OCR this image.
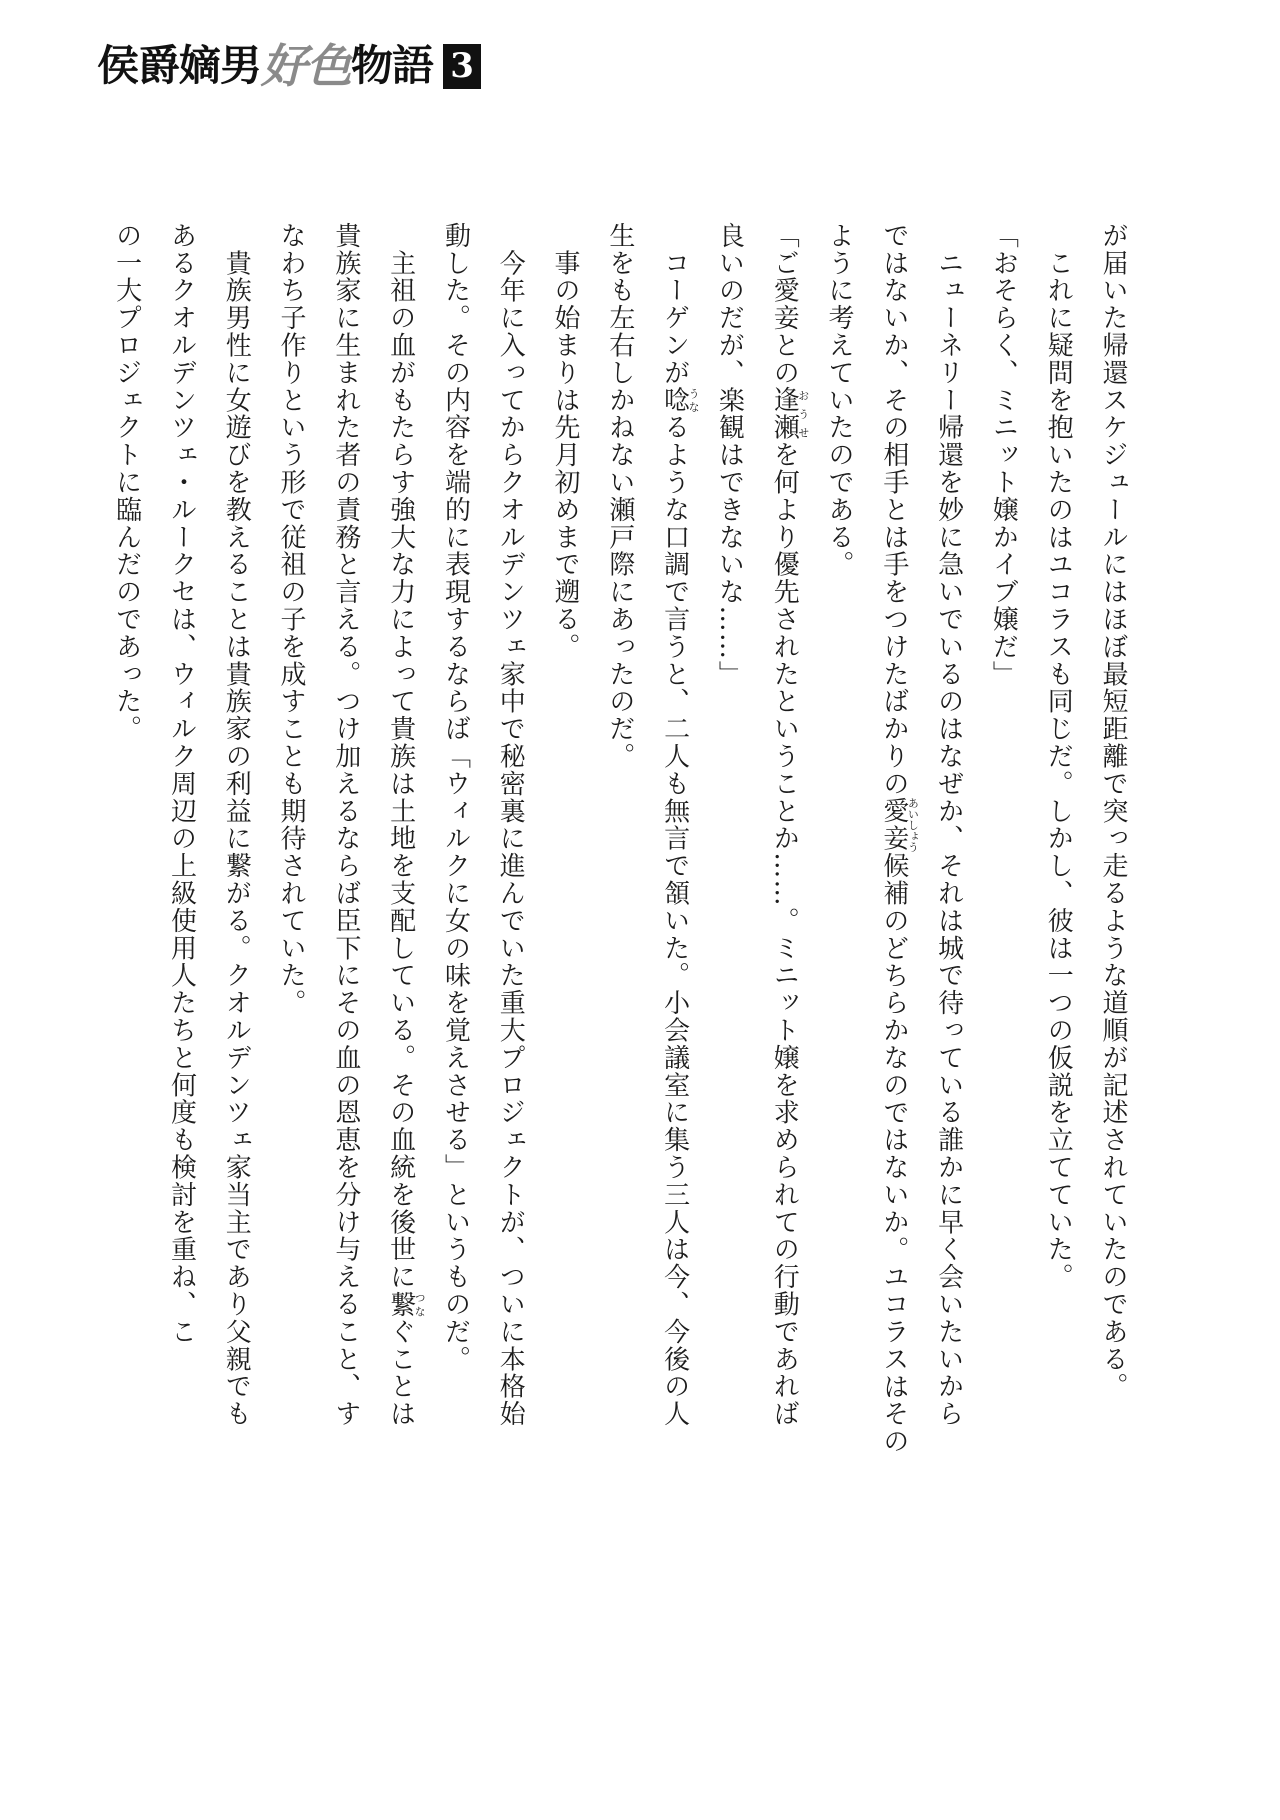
侯爵嫡男 好色 物語 3
が届いた帰還スケジュールにはほぼ最短距離で突っ走るような道順が記述されていたのである。
　これに疑問を抱いたのはユコラスも同じだ。しかし、彼は一つの仮説を立てていた。
「おそらく、ミニット嬢かイブ嬢だ」
　ニューネリー帰還を妙に急いでいるのはなぜか、それは城で待っている誰かに早く会いたいから
ではないか、その相手とは手をつけたばかりの愛妾あいしょう候補のどちらかなのではないか。ユコラスはその
ように考えていたのである。
「ご愛妾との逢瀬おうせを何より優先されたということか……。ミニット嬢を求められての行動であれば
良いのだが、楽観はできないな……」
　コーゲンが唸うなるような口調で言うと、二人も無言で頷いた。小会議室に集う三人は今、今後の人
生をも左右しかねない瀬戸際にあったのだ。
　事の始まりは先月初めまで遡る。
　今年に入ってからクオルデンツェ家中で秘密裏に進んでいた重大プロジェクトが、ついに本格始
動した。その内容を端的に表現するならば「ウィルクに女の味を覚えさせる」というものだ。
　主祖の血がもたらす強大な力によって貴族は土地を支配している。その血統を後世に繋つなぐことは
貴族家に生まれた者の責務と言える。つけ加えるならば臣下にその血の恩恵を分け与えること、す
なわち子作りという形で従祖の子を成すことも期待されていた。
　貴族男性に女遊びを教えることは貴族家の利益に繋がる。クオルデンツェ家当主であり父親でも
あるクオルデンツェ・ルークセは、ウィルク周辺の上級使用人たちと何度も検討を重ね、こ
の一大プロジェクトに臨んだのであった。
